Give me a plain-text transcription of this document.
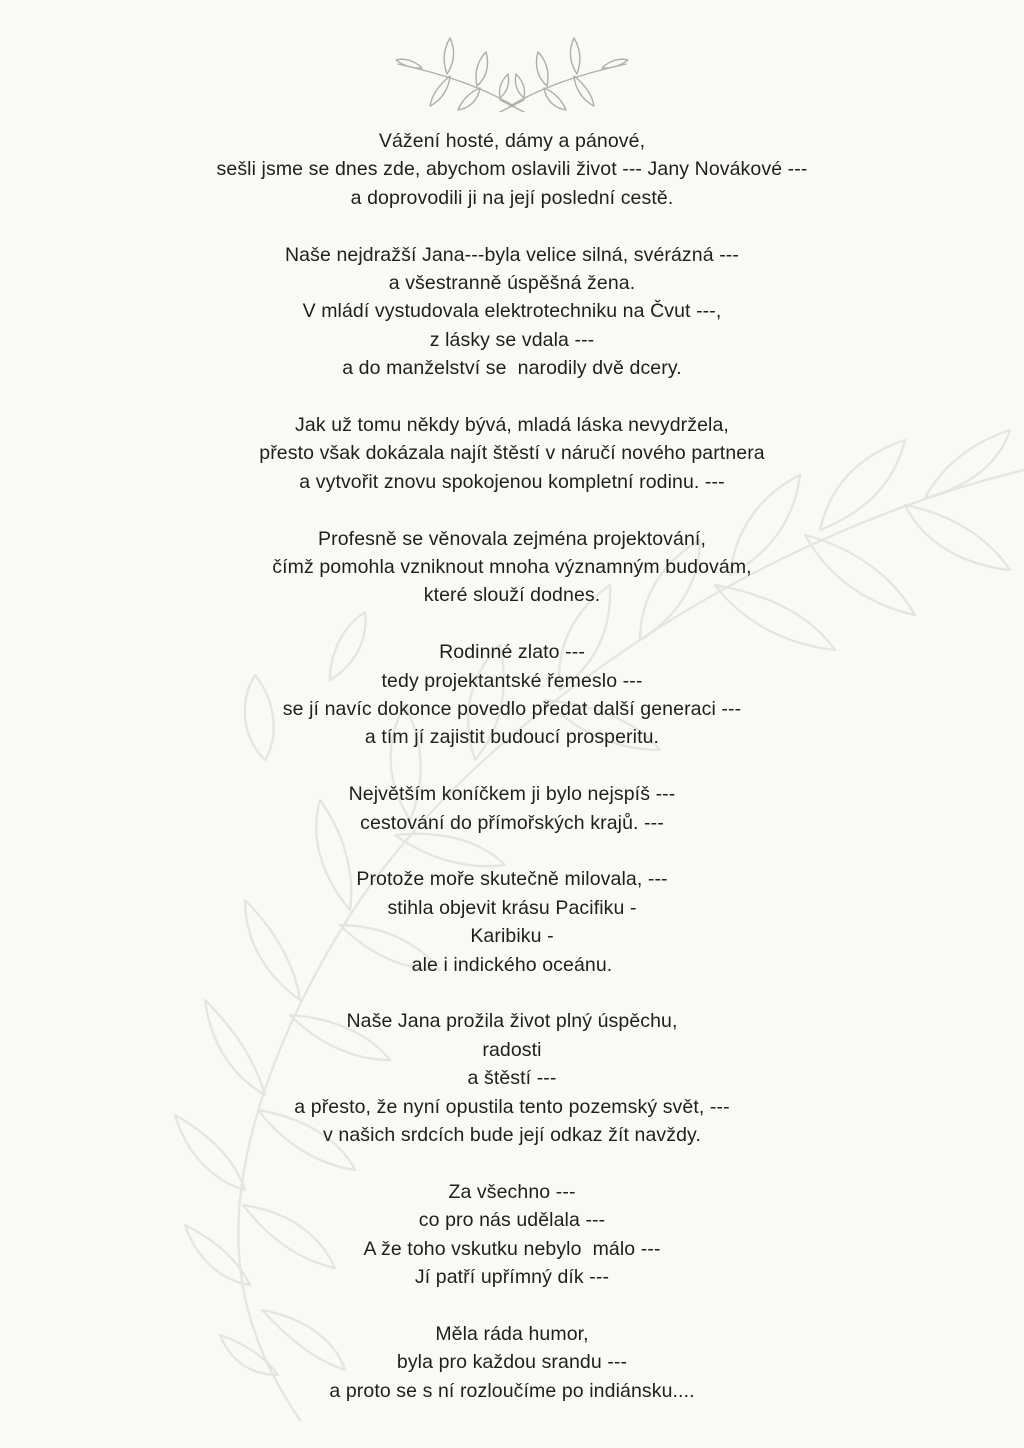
Vážení hosté, dámy a pánové,
sešli jsme se dnes zde, abychom oslavili život --- Jany Novákové ---
a doprovodili ji na její poslední cestě.
Naše nejdražší Jana---byla velice silná, svérázná ---
a všestranně úspěšná žena.
V mládí vystudovala elektrotechniku na Čvut ---,
z lásky se vdala ---
a do manželství se  narodily dvě dcery.
Jak už tomu někdy bývá, mladá láska nevydržela,
přesto však dokázala najít štěstí v náručí nového partnera
a vytvořit znovu spokojenou kompletní rodinu. ---
Profesně se věnovala zejména projektování,
čímž pomohla vzniknout mnoha významným budovám,
které slouží dodnes.
Rodinné zlato ---
tedy projektantské řemeslo ---
se jí navíc dokonce povedlo předat další generaci ---
a tím jí zajistit budoucí prosperitu.
Největším koníčkem ji bylo nejspíš ---
cestování do přímořských krajů. ---
Protože moře skutečně milovala, ---
stihla objevit krásu Pacifiku -
Karibiku -
ale i indického oceánu.
Naše Jana prožila život plný úspěchu,
radosti
a štěstí ---
a přesto, že nyní opustila tento pozemský svět, ---
v našich srdcích bude její odkaz žít navždy.
Za všechno ---
co pro nás udělala ---
A že toho vskutku nebylo  málo ---
Jí patří upřímný dík ---
Měla ráda humor,
byla pro každou srandu ---
a proto se s ní rozloučíme po indiánsku....
